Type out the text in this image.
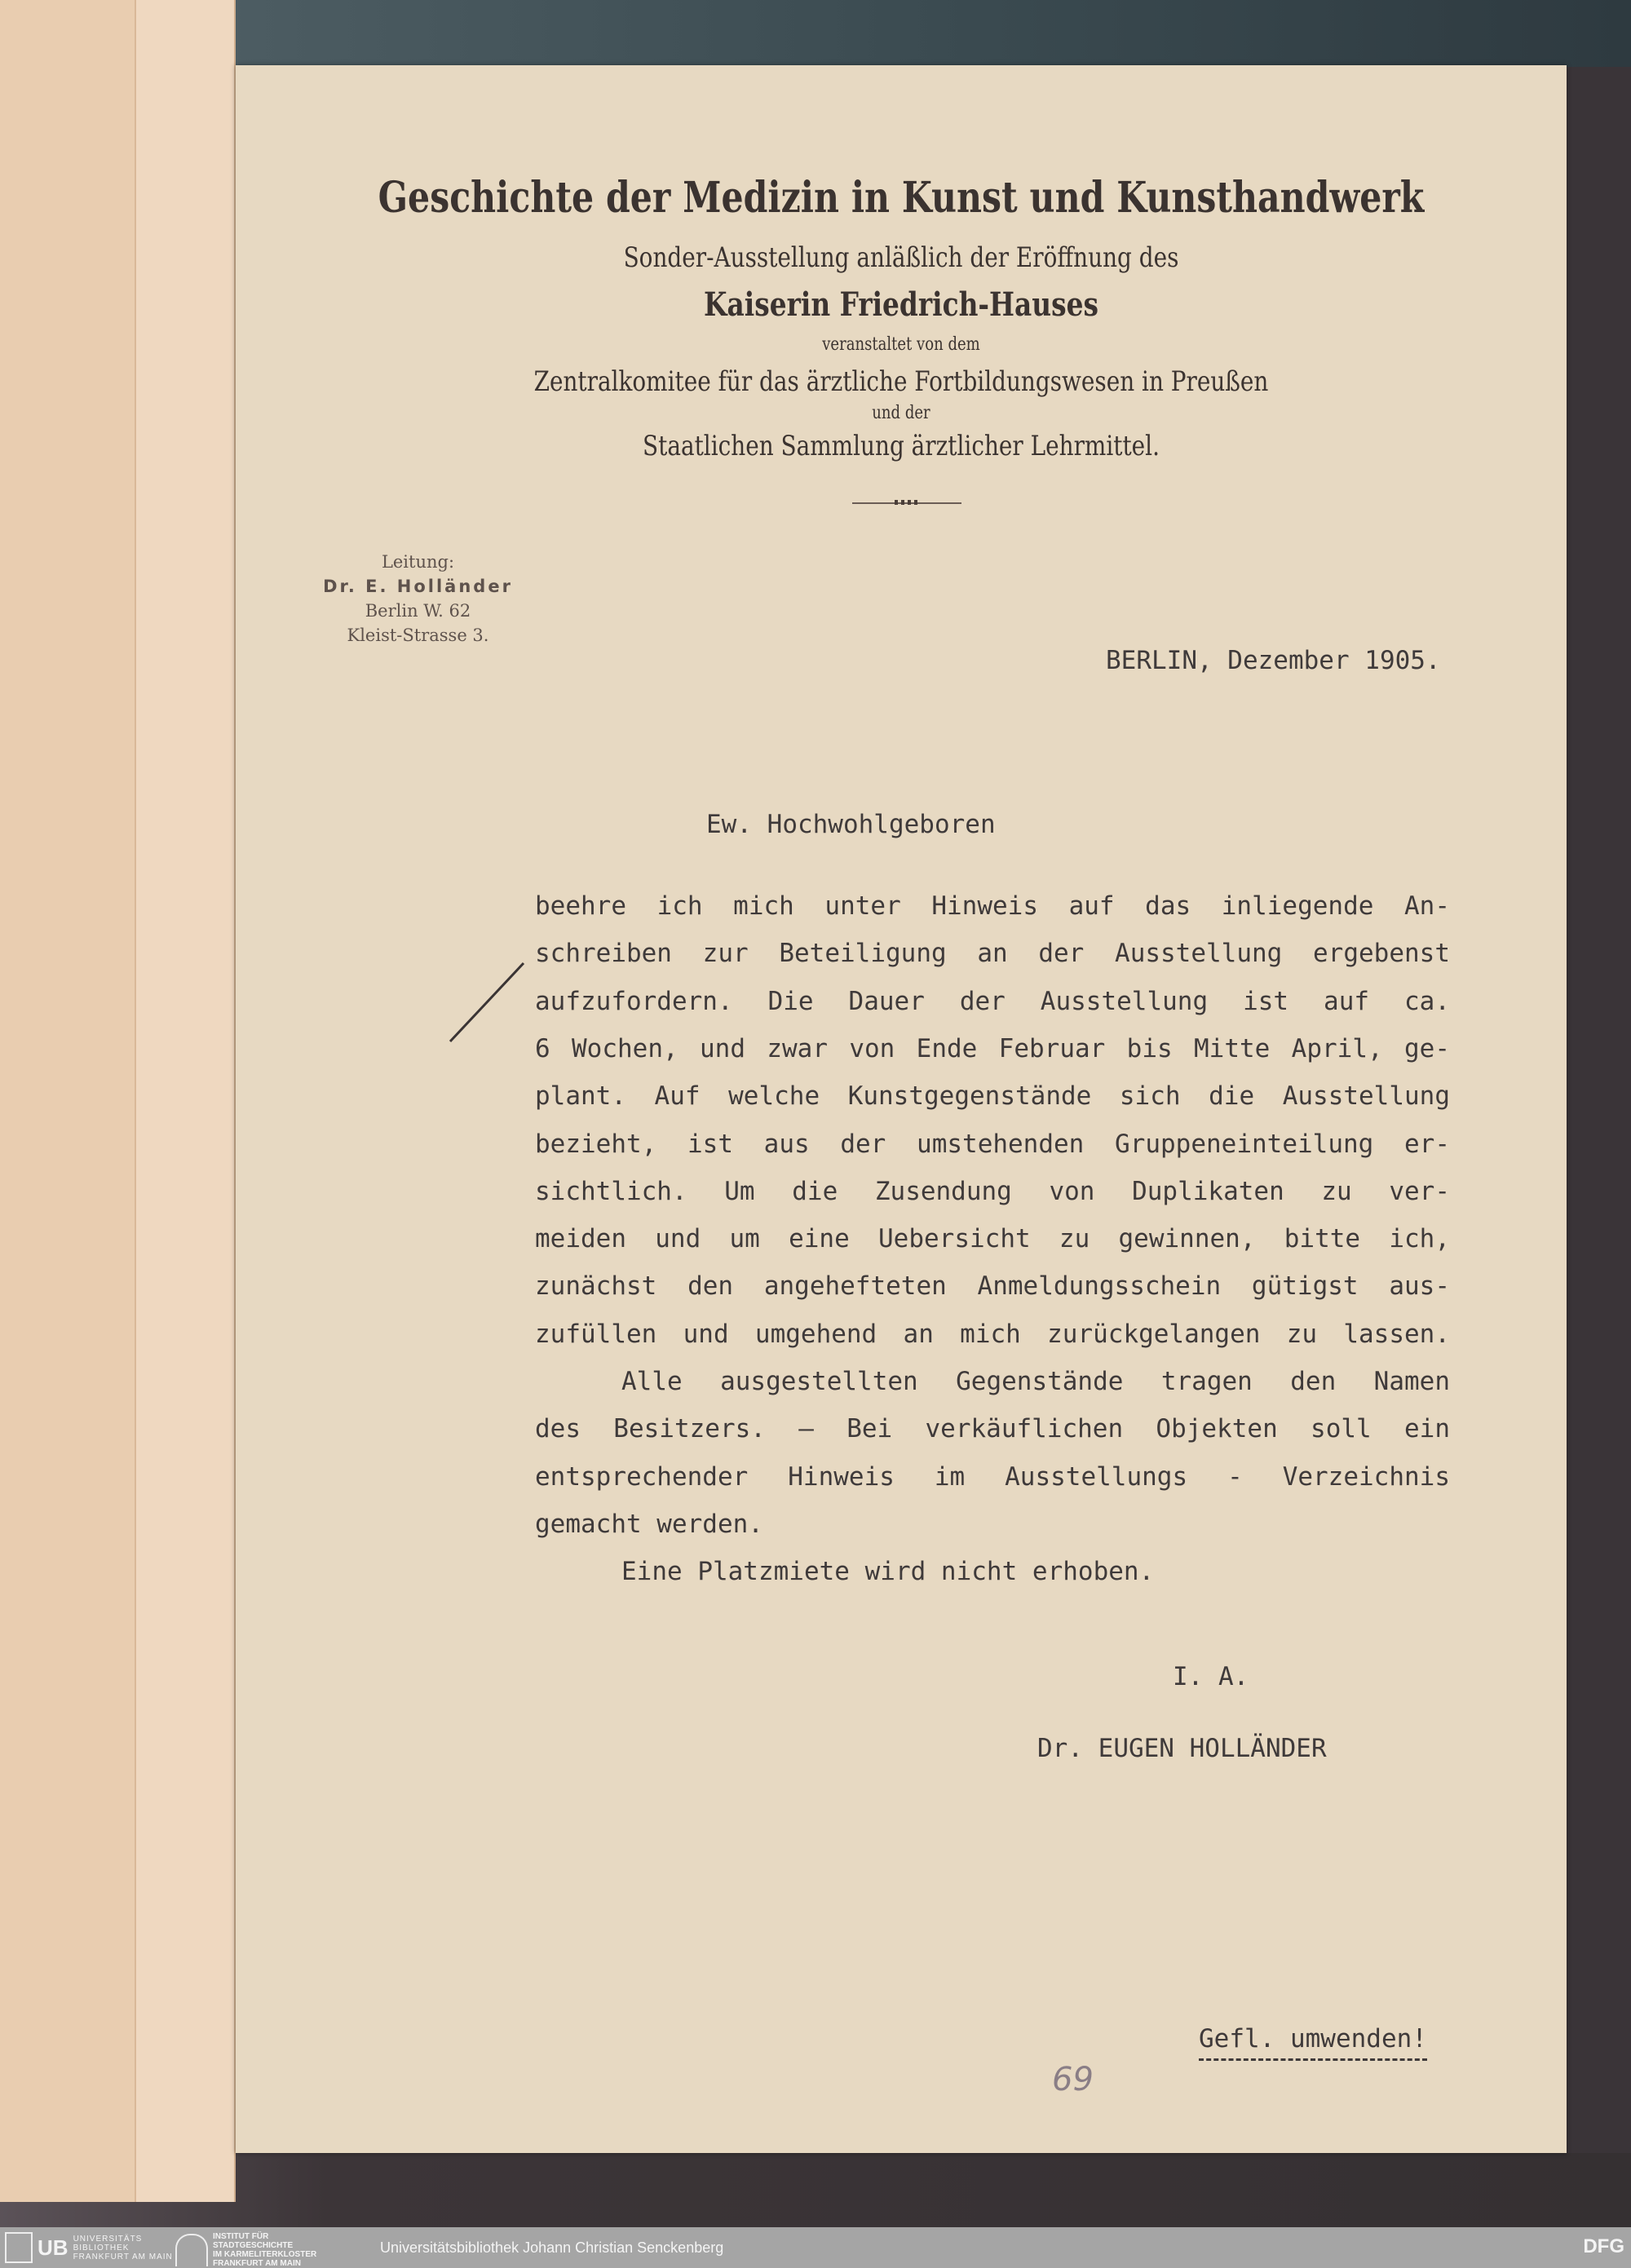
Geschichte der Medizin in Kunst und Kunsthandwerk
Sonder-Ausstellung anläßlich der Eröffnung des
Kaiserin Friedrich-Hauses
veranstaltet von dem
Zentralkomitee für das ärztliche Fortbildungswesen in Preußen
und der
Staatlichen Sammlung ärztlicher Lehrmittel.
Leitung:
Dr. E. Holländer
Berlin W. 62
Kleist-Strasse 3.
BERLIN, Dezember 1905.
Ew. Hochwohlgeboren
beehre ich mich unter Hinweis auf das inliegende An-
schreiben zur Beteiligung an der Ausstellung ergebenst
aufzufordern. Die Dauer der Ausstellung ist auf ca.
6 Wochen, und zwar von Ende Februar bis Mitte April, ge-
plant. Auf welche Kunstgegenstände sich die Ausstellung
bezieht, ist aus der umstehenden Gruppeneinteilung er-
sichtlich. Um die Zusendung von Duplikaten zu ver-
meiden und um eine Uebersicht zu gewinnen, bitte ich,
zunächst den angehefteten Anmeldungsschein gütigst aus-
zufüllen und umgehend an mich zurückgelangen zu lassen.
Alle ausgestellten Gegenstände tragen den Namen
des Besitzers. — Bei verkäuflichen Objekten soll ein
entsprechender Hinweis im Ausstellungs - Verzeichnis
gemacht werden.
Eine Platzmiete wird nicht erhoben.
I. A.
Dr. EUGEN HOLLÄNDER
Gefl. umwenden!
69
UB UNIVERSITÄTS
BIBLIOTHEK
FRANKFURT AM MAIN
INSTITUT FÜR
STADTGESCHICHTE
IM KARMELITERKLOSTER
FRANKFURT AM MAIN
Universitätsbibliothek Johann Christian Senckenberg	DFG
